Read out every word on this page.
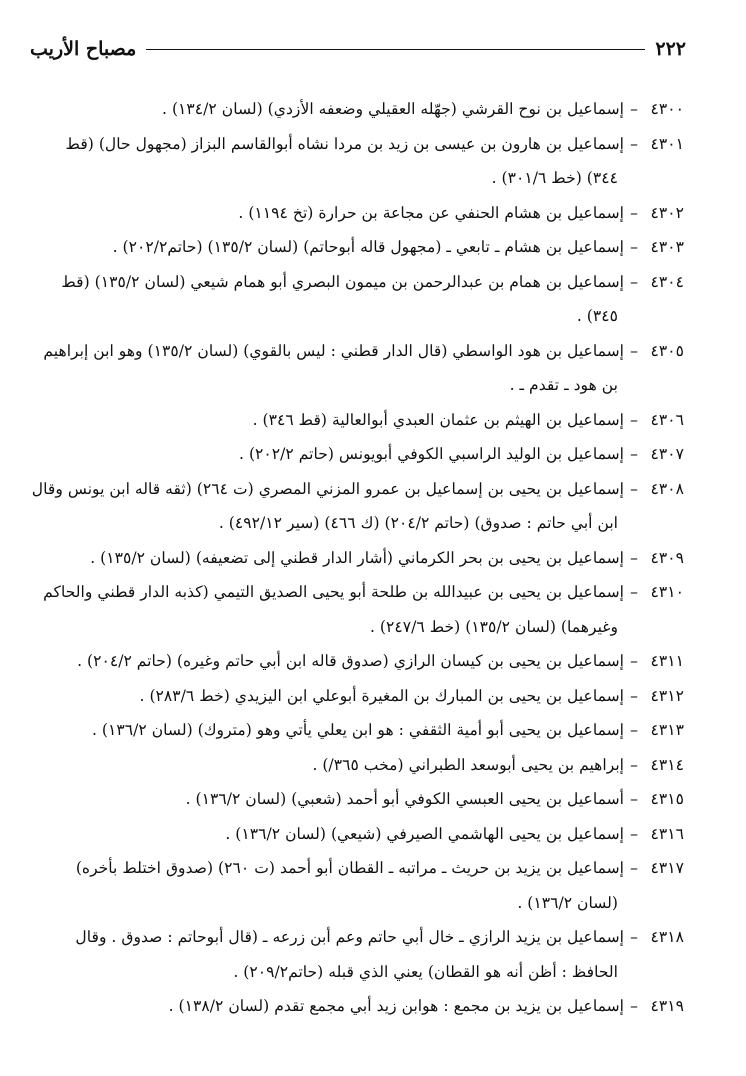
٢٢٢
مصباح الأريب

٤٣٠٠–إسماعيل بن نوح القرشي (جهّله العقيلي وضعفه الأزدي) (لسان ١٣٤/٢) .

٤٣٠١–إسماعيل بن هارون بن عيسى بن زيد بن مردا نشاه أبوالقاسم البزاز (مجهول حال) (قط ٣٤٤) (خط ٣٠١/٦) .

٤٣٠٢–إسماعيل بن هشام الحنفي عن مجاعة بن حرارة (تخ ١١٩٤) .

٤٣٠٣–إسماعيل بن هشام ـ تابعي ـ (مجهول قاله أبوحاتم) (لسان ١٣٥/٢) (حاتم٢٠٢/٢) .

٤٣٠٤–إسماعيل بن همام بن عبدالرحمن بن ميمون البصري أبو همام شيعي (لسان ١٣٥/٢) (قط ٣٤٥) .

٤٣٠٥–إسماعيل بن هود الواسطي (قال الدار قطني : ليس بالقوي) (لسان ١٣٥/٢) وهو ابن إبراهيم بن هود ـ تقدم ـ .

٤٣٠٦–إسماعيل بن الهيثم بن عثمان العبدي أبوالعالية (قط ٣٤٦) .

٤٣٠٧–إسماعيل بن الوليد الراسبي الكوفي أبويونس (حاتم ٢٠٢/٢) .

٤٣٠٨–إسماعيل بن يحيى بن إسماعيل بن عمرو المزني المصري (ت ٢٦٤) (ثقه قاله ابن يونس وقال ابن أبي حاتم : صدوق) (حاتم ٢٠٤/٢) (ك ٤٦٦) (سير ٤٩٢/١٢) .

٤٣٠٩–إسماعيل بن يحيى بن بحر الكرماني (أشار الدار قطني إلى تضعيفه) (لسان ١٣٥/٢) .

٤٣١٠–إسماعيل بن يحيى بن عبيدالله بن طلحة أبو يحيى الصديق التيمي (كذبه الدار قطني والحاكم وغيرهما) (لسان ١٣٥/٢) (خط ٢٤٧/٦) .

٤٣١١–إسماعيل بن يحيى بن كيسان الرازي (صدوق قاله ابن أبي حاتم وغيره) (حاتم ٢٠٤/٢) .

٤٣١٢–إسماعيل بن يحيى بن المبارك بن المغيرة أبوعلي ابن اليزيدي (خط ٢٨٣/٦) .

٤٣١٣–إسماعيل بن يحيى أبو أمية الثقفي : هو ابن يعلي يأتي وهو (متروك) (لسان ١٣٦/٢) .

٤٣١٤–إبراهيم بن يحيى أبوسعد الطبراني (مخب ٣٦٥/) .

٤٣١٥–أسماعيل بن يحيى العبسي الكوفي أبو أحمد (شعبي) (لسان ١٣٦/٢) .

٤٣١٦–إسماعيل بن يحيى الهاشمي الصيرفي (شيعي) (لسان ١٣٦/٢) .

٤٣١٧–إسماعيل بن يزيد بن حريث ـ مراتبه ـ القطان أبو أحمد (ت ٢٦٠) (صدوق اختلط بأخره) (لسان ١٣٦/٢) .

٤٣١٨–إسماعيل بن يزيد الرازي ـ خال أبي حاتم وعم أبن زرعه ـ (قال أبوحاتم : صدوق . وقال الحافظ : أظن أنه هو القطان) يعني الذي قبله (حاتم٢٠٩/٢) .

٤٣١٩–إسماعيل بن يزيد بن مجمع : هوابن زيد أبي مجمع تقدم (لسان ١٣٨/٢) .
